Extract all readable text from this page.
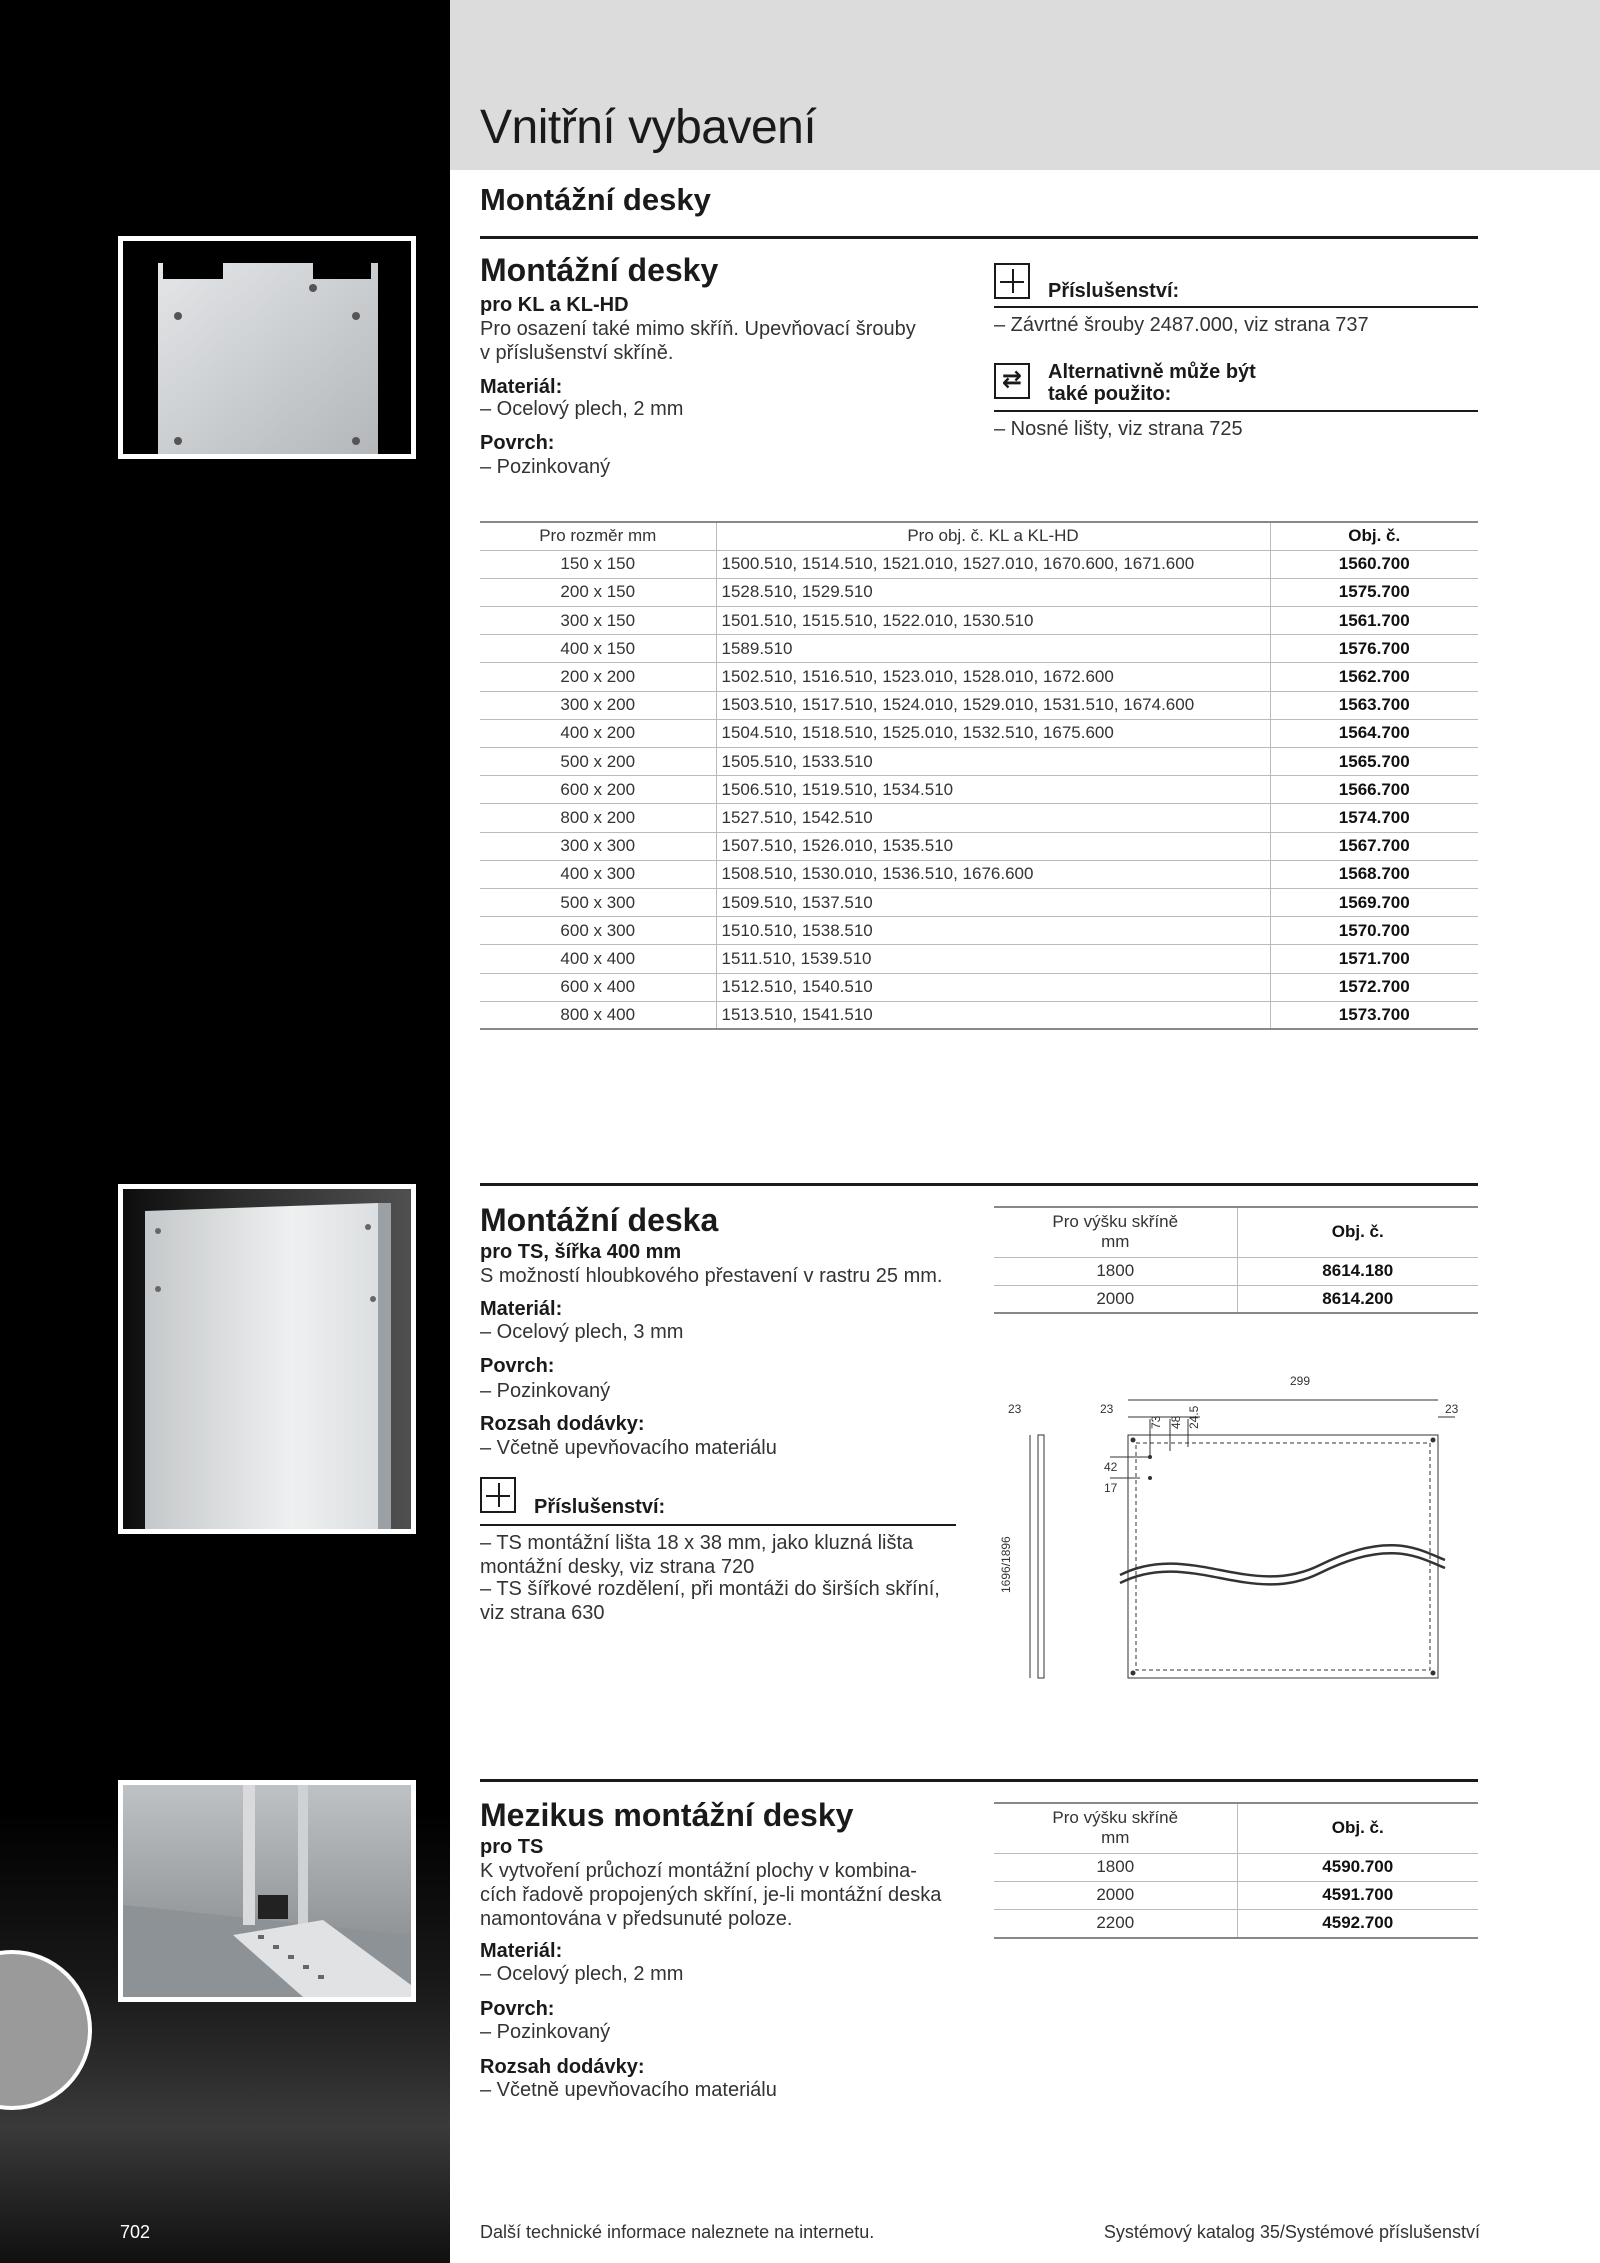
Vnitřní vybavení
Montážní desky
Montážní desky
pro KL a KL-HD
Pro osazení také mimo skříň. Upevňovací šrouby
v příslušenství skříně.
Materiál:
– Ocelový plech, 2 mm
Povrch:
– Pozinkovaný
Příslušenství:
– Závrtné šrouby 2487.000, viz strana 737
⇄	Alternativně může být
také použito:
– Nosné lišty, viz strana 725
Pro rozměr mm	Pro obj. č. KL a KL-HD	Obj. č.
150 x 150	1500.510, 1514.510, 1521.010, 1527.010, 1670.600, 1671.600	1560.700
200 x 150	1528.510, 1529.510	1575.700
300 x 150	1501.510, 1515.510, 1522.010, 1530.510	1561.700
400 x 150	1589.510	1576.700
200 x 200	1502.510, 1516.510, 1523.010, 1528.010, 1672.600	1562.700
300 x 200	1503.510, 1517.510, 1524.010, 1529.010, 1531.510, 1674.600	1563.700
400 x 200	1504.510, 1518.510, 1525.010, 1532.510, 1675.600	1564.700
500 x 200	1505.510, 1533.510	1565.700
600 x 200	1506.510, 1519.510, 1534.510	1566.700
800 x 200	1527.510, 1542.510	1574.700
300 x 300	1507.510, 1526.010, 1535.510	1567.700
400 x 300	1508.510, 1530.010, 1536.510, 1676.600	1568.700
500 x 300	1509.510, 1537.510	1569.700
600 x 300	1510.510, 1538.510	1570.700
400 x 400	1511.510, 1539.510	1571.700
600 x 400	1512.510, 1540.510	1572.700
800 x 400	1513.510, 1541.510	1573.700
Montážní deska
pro TS, šířka 400 mm
S možností hloubkového přestavení v rastru 25 mm.
Materiál:
– Ocelový plech, 3 mm
Povrch:
– Pozinkovaný
Rozsah dodávky:
– Včetně upevňovacího materiálu
Příslušenství:
– TS montážní lišta 18 x 38 mm, jako kluzná lišta
montážní desky, viz strana 720
– TS šířkové rozdělení, při montáži do širších skříní,
viz strana 630
Pro výšku skříně
mm	Obj. č.
1800	8614.180
2000	8614.200
299
23	23	23
42
17
73 48 24.5
1696/1896
Mezikus montážní desky
pro TS
K vytvoření průchozí montážní plochy v kombina-
cích řadově propojených skříní, je-li montážní deska
namontována v předsunuté poloze.
Materiál:
– Ocelový plech, 2 mm
Povrch:
– Pozinkovaný
Rozsah dodávky:
– Včetně upevňovacího materiálu
Pro výšku skříně
mm	Obj. č.
1800	4590.700
2000	4591.700
2200	4592.700
702	Další technické informace naleznete na internetu.	Systémový katalog 35/Systémové příslušenství
